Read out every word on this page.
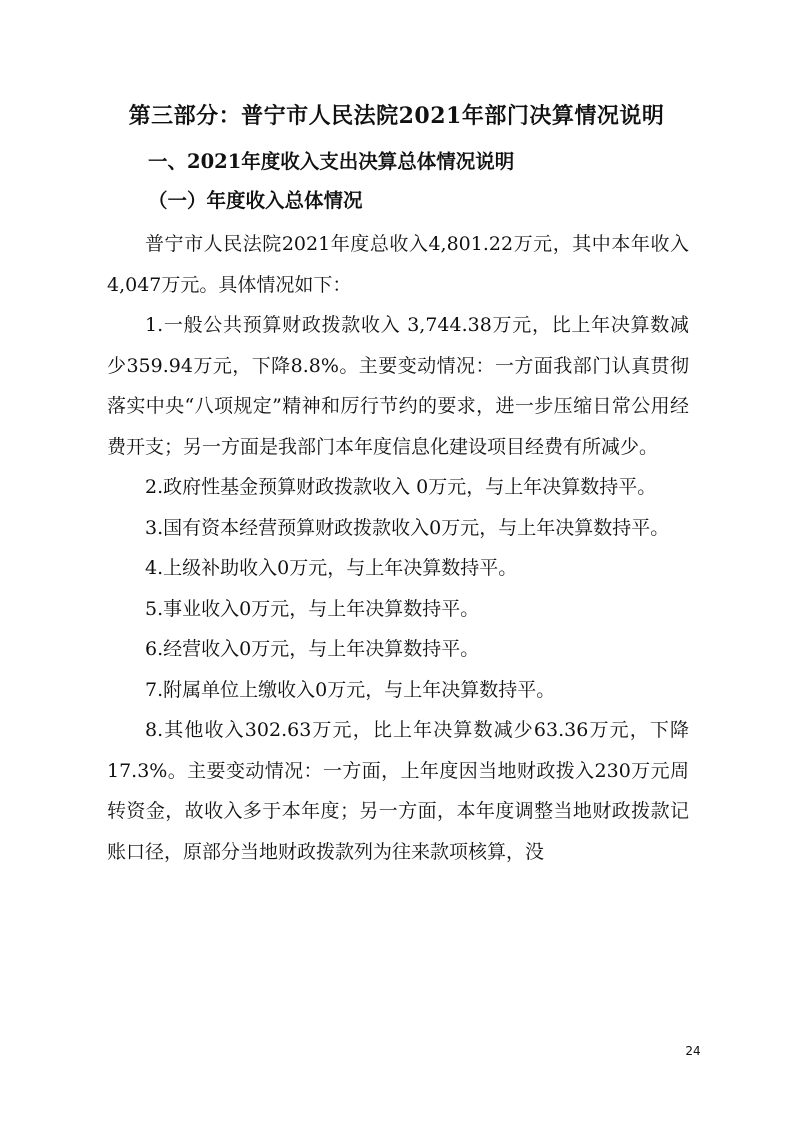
第三部分：普宁市人民法院2021年部门决算情况说明
一、2021年度收入支出决算总体情况说明
（一）年度收入总体情况

普宁市人民法院2021年度总收入4,801.22万元，其中本年收入4,047万元。具体情况如下：

1.一般公共预算财政拨款收入 3,744.38万元，比上年决算数减少359.94万元，下降8.8%。主要变动情况：一方面我部门认真贯彻落实中央“八项规定”精神和厉行节约的要求，进一步压缩日常公用经费开支；另一方面是我部门本年度信息化建设项目经费有所减少。

2.政府性基金预算财政拨款收入 0万元，与上年决算数持平。

3.国有资本经营预算财政拨款收入0万元，与上年决算数持平。

4.上级补助收入0万元，与上年决算数持平。

5.事业收入0万元，与上年决算数持平。

6.经营收入0万元，与上年决算数持平。

7.附属单位上缴收入0万元，与上年决算数持平。

8.其他收入302.63万元，比上年决算数减少63.36万元，下降17.3%。主要变动情况：一方面，上年度因当地财政拨入230万元周转资金，故收入多于本年度；另一方面，本年度调整当地财政拨款记账口径，原部分当地财政拨款列为往来款项核算，没

24
